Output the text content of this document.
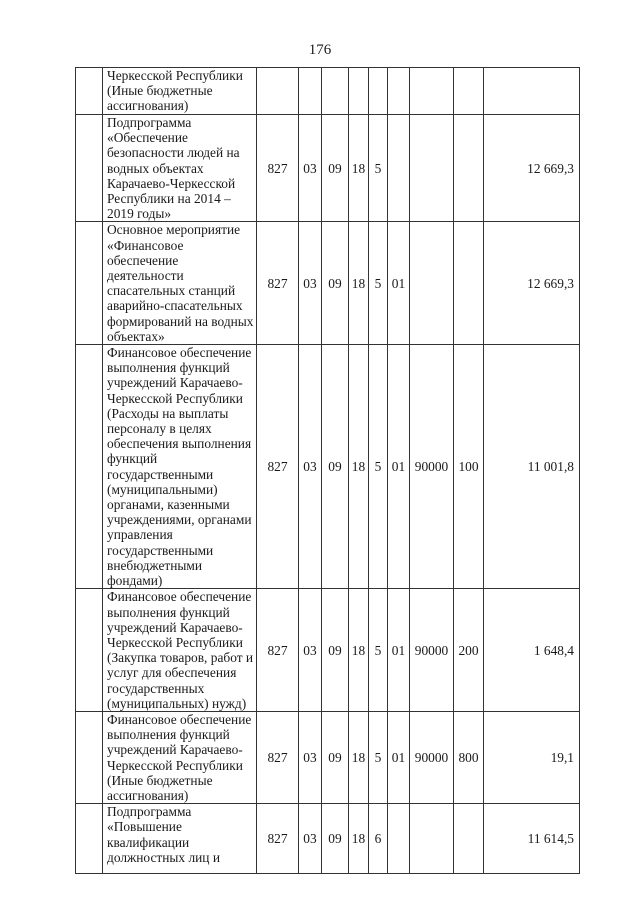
176
	Черкесской Республики (Иные бюджетные ассигнования)									
	Подпрограмма «Обеспечение безопасности людей на водных объектах Карачаево-Черкесской Республики на 2014 – 2019 годы»	827	03	09	18	5				12 669,3
	Основное мероприятие «Финансовое обеспечение деятельности спасательных станций аварийно-спасательных формирований на водных объектах»	827	03	09	18	5	01			12 669,3
	Финансовое обеспечение выполнения функций учреждений Карачаево-Черкесской Республики (Расходы на выплаты персоналу в целях обеспечения выполнения функций государственными (муниципальными) органами, казенными учреждениями, органами управления государственными внебюджетными фондами)	827	03	09	18	5	01	90000	100	11 001,8
	Финансовое обеспечение выполнения функций учреждений Карачаево-Черкесской Республики (Закупка товаров, работ и услуг для обеспечения государственных (муниципальных) нужд)	827	03	09	18	5	01	90000	200	1 648,4
	Финансовое обеспечение выполнения функций учреждений Карачаево-Черкесской Республики (Иные бюджетные ассигнования)	827	03	09	18	5	01	90000	800	19,1
	Подпрограмма «Повышение квалификации должностных лиц и	827	03	09	18	6				11 614,5
